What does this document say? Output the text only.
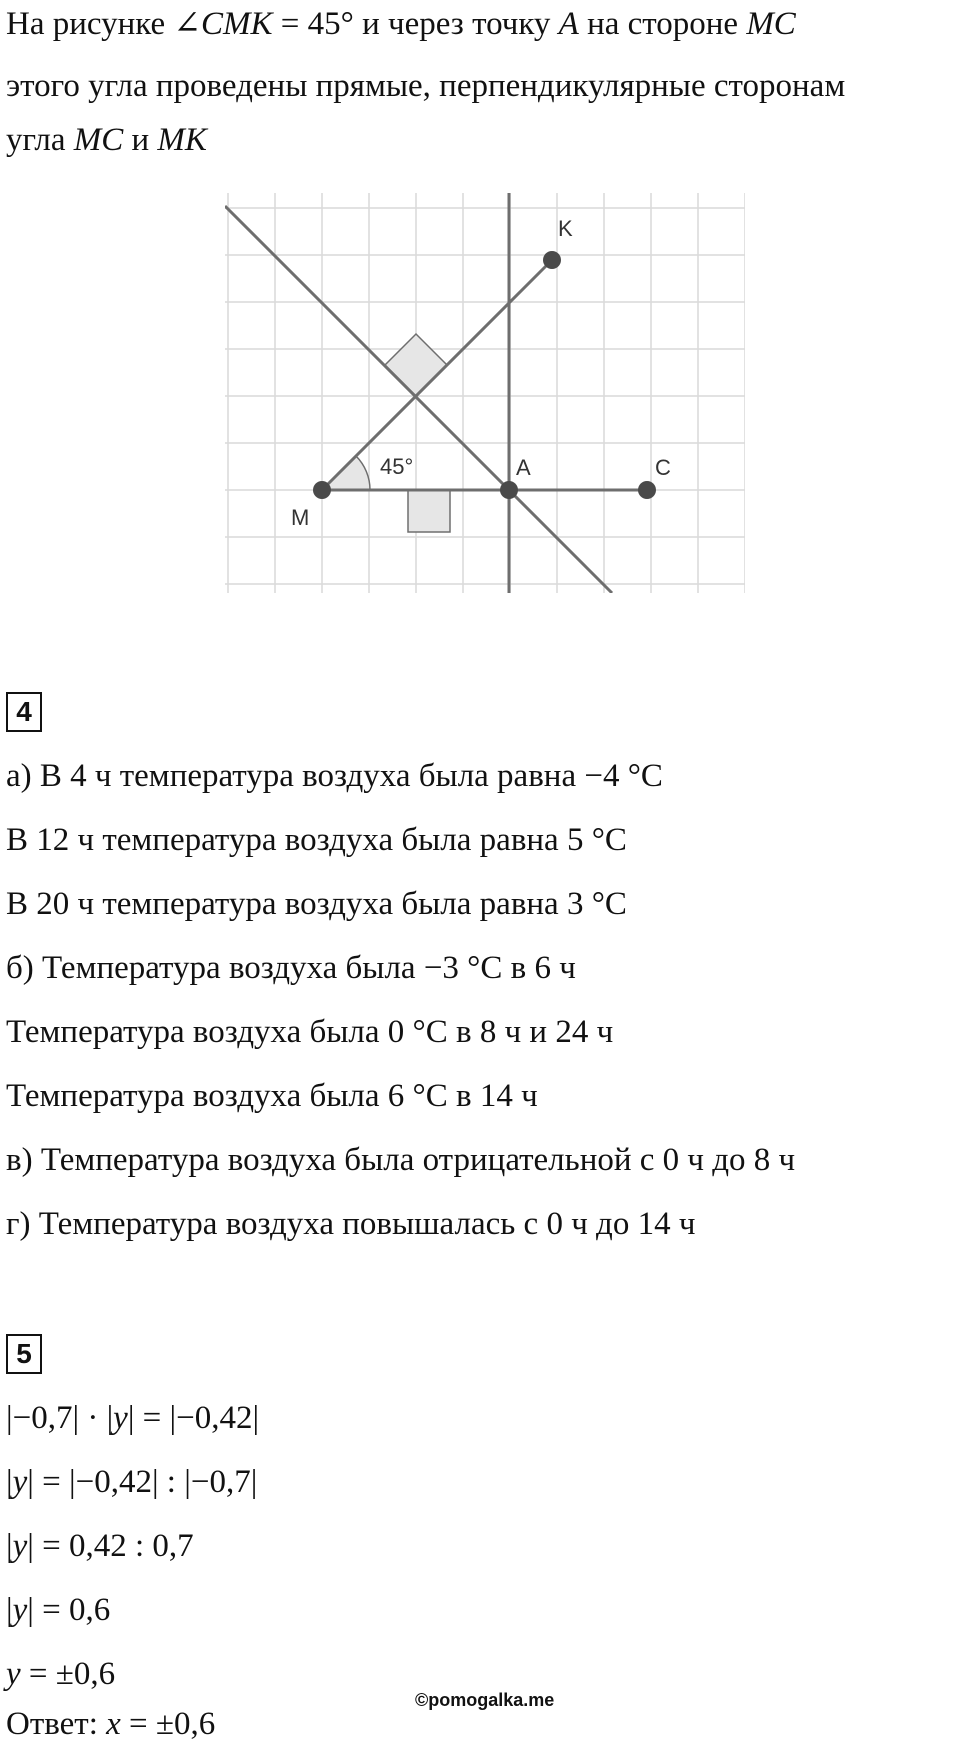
На рисунке ∠CMK = 45° и через точку A на стороне MC
этого угла проведены прямые, перпендикулярные сторонам
угла MC и MK
K
M
A	C
45°
4
а) В 4 ч температура воздуха была равна −4 °C
В 12 ч температура воздуха была равна 5 °C
В 20 ч температура воздуха была равна 3 °C
б) Температура воздуха была −3 °C в 6 ч
Температура воздуха была 0 °C в 8 ч и 24 ч
Температура воздуха была 6 °C в 14 ч
в) Температура воздуха была отрицательной с 0 ч до 8 ч
г) Температура воздуха повышалась с 0 ч до 14 ч
5
|−0,7| · |y| = |−0,42|
|y| = |−0,42| : |−0,7|
|y| = 0,42 : 0,7
|y| = 0,6
y = ±0,6
©pomogalka.me
Ответ: x = ±0,6
